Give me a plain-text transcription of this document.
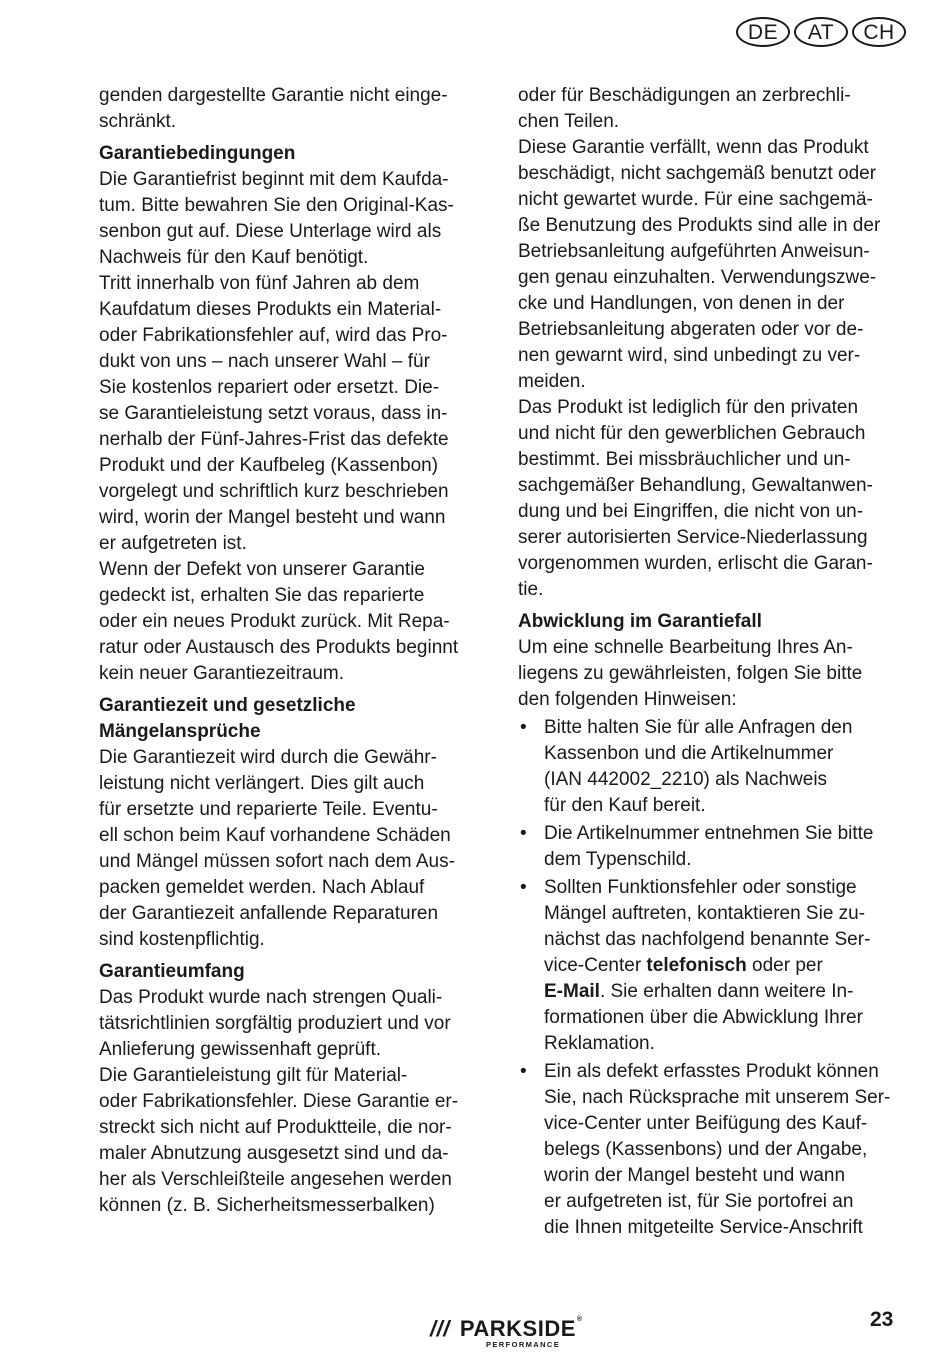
DE	AT	CH
genden dargestellte Garantie nicht einge-
schränkt.
Garantiebedingungen
Die Garantiefrist beginnt mit dem Kaufda-
tum. Bitte bewahren Sie den Original-Kas-
senbon gut auf. Diese Unterlage wird als
Nachweis für den Kauf benötigt.
Tritt innerhalb von fünf Jahren ab dem
Kaufdatum dieses Produkts ein Material-
oder Fabrikationsfehler auf, wird das Pro-
dukt von uns – nach unserer Wahl – für
Sie kostenlos repariert oder ersetzt. Die-
se Garantieleistung setzt voraus, dass in-
nerhalb der Fünf-Jahres-Frist das defekte
Produkt und der Kaufbeleg (Kassenbon)
vorgelegt und schriftlich kurz beschrieben
wird, worin der Mangel besteht und wann
er aufgetreten ist.
Wenn der Defekt von unserer Garantie
gedeckt ist, erhalten Sie das reparierte
oder ein neues Produkt zurück. Mit Repa-
ratur oder Austausch des Produkts beginnt
kein neuer Garantiezeitraum.
Garantiezeit und gesetzliche
Mängelansprüche
Die Garantiezeit wird durch die Gewähr-
leistung nicht verlängert. Dies gilt auch
für ersetzte und reparierte Teile. Eventu-
ell schon beim Kauf vorhandene Schäden
und Mängel müssen sofort nach dem Aus-
packen gemeldet werden. Nach Ablauf
der Garantiezeit anfallende Reparaturen
sind kostenpflichtig.
Garantieumfang
Das Produkt wurde nach strengen Quali-
tätsrichtlinien sorgfältig produziert und vor
Anlieferung gewissenhaft geprüft.
Die Garantieleistung gilt für Material-
oder Fabrikationsfehler. Diese Garantie er-
streckt sich nicht auf Produktteile, die nor-
maler Abnutzung ausgesetzt sind und da-
her als Verschleißteile angesehen werden
können (z. B. Sicherheitsmesserbalken)
oder für Beschädigungen an zerbrechli-
chen Teilen.
Diese Garantie verfällt, wenn das Produkt
beschädigt, nicht sachgemäß benutzt oder
nicht gewartet wurde. Für eine sachgemä-
ße Benutzung des Produkts sind alle in der
Betriebsanleitung aufgeführten Anweisun-
gen genau einzuhalten. Verwendungszwe-
cke und Handlungen, von denen in der
Betriebsanleitung abgeraten oder vor de-
nen gewarnt wird, sind unbedingt zu ver-
meiden.
Das Produkt ist lediglich für den privaten
und nicht für den gewerblichen Gebrauch
bestimmt. Bei missbräuchlicher und un-
sachgemäßer Behandlung, Gewaltanwen-
dung und bei Eingriffen, die nicht von un-
serer autorisierten Service-Niederlassung
vorgenommen wurden, erlischt die Garan-
tie.
Abwicklung im Garantiefall
Um eine schnelle Bearbeitung Ihres An-
liegens zu gewährleisten, folgen Sie bitte
den folgenden Hinweisen:
• Bitte halten Sie für alle Anfragen den
Kassenbon und die Artikelnummer
(IAN 442002_2210) als Nachweis
für den Kauf bereit.
• Die Artikelnummer entnehmen Sie bitte
dem Typenschild.
• Sollten Funktionsfehler oder sonstige
Mängel auftreten, kontaktieren Sie zu-
nächst das nachfolgend benannte Ser-
vice-Center telefonisch oder per
E-Mail. Sie erhalten dann weitere In-
formationen über die Abwicklung Ihrer
Reklamation.
• Ein als defekt erfasstes Produkt können
Sie, nach Rücksprache mit unserem Ser-
vice-Center unter Beifügung des Kauf-
belegs (Kassenbons) und der Angabe,
worin der Mangel besteht und wann
er aufgetreten ist, für Sie portofrei an
die Ihnen mitgeteilte Service-Anschrift
/// PARKSIDE®
PERFORMANCE
23
